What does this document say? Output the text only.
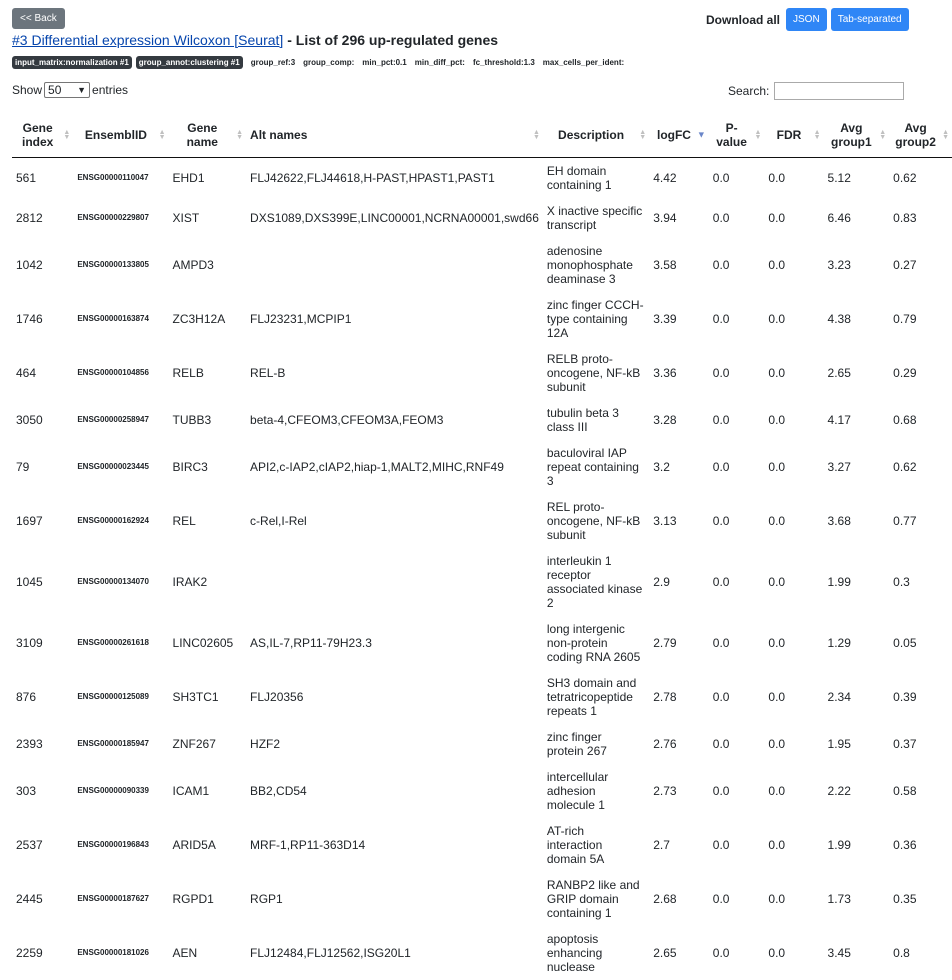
<< Back	Download all	JSON	Tab-separated
#3 Differential expression Wilcoxon [Seurat] - List of 296 up-regulated genes
input_matrix:normalization #1	group_annot:clustering #1	group_ref:3 group_comp: min_pct:0.1 min_diff_pct: fc_threshold:1.3 max_cells_per_ident:
Show 50 ▼ entries	Search:
Gene
index
▲
▼	EnsemblID ▲
▼	Gene
name
▲
▼	Alt names ▲
▼	Description ▲
▼	logFC ▼	P-
value
▲
▼	FDR ▲
▼	Avg
group1
▲
▼	Avg
group2
▲
▼

561	ENSG00000110047	EHD1	FLJ42622,FLJ44618,H-PAST,HPAST1,PAST1	EH domain
containing 1	4.42	0.0	0.0	5.12	0.62
2812	ENSG00000229807	XIST	DXS1089,DXS399E,LINC00001,NCRNA00001,swd66	X inactive specific
transcript	3.94	0.0	0.0	6.46	0.83
1042	ENSG00000133805	AMPD3		adenosine
monophosphate
deaminase 3	3.58	0.0	0.0	3.23	0.27
1746	ENSG00000163874	ZC3H12A	FLJ23231,MCPIP1	zinc finger CCCH-
type containing
12A	3.39	0.0	0.0	4.38	0.79
464	ENSG00000104856	RELB	REL-B	RELB proto-
oncogene, NF-kB
subunit	3.36	0.0	0.0	2.65	0.29
3050	ENSG00000258947	TUBB3	beta-4,CFEOM3,CFEOM3A,FEOM3	tubulin beta 3
class III	3.28	0.0	0.0	4.17	0.68
79	ENSG00000023445	BIRC3	API2,c-IAP2,cIAP2,hiap-1,MALT2,MIHC,RNF49	baculoviral IAP
repeat containing
3	3.2	0.0	0.0	3.27	0.62
1697	ENSG00000162924	REL	c-Rel,I-Rel	REL proto-
oncogene, NF-kB
subunit	3.13	0.0	0.0	3.68	0.77
1045	ENSG00000134070	IRAK2		interleukin 1
receptor
associated kinase
2	2.9	0.0	0.0	1.99	0.3
3109	ENSG00000261618	LINC02605	AS,IL-7,RP11-79H23.3	long intergenic
non-protein
coding RNA 2605	2.79	0.0	0.0	1.29	0.05
876	ENSG00000125089	SH3TC1	FLJ20356	SH3 domain and
tetratricopeptide
repeats 1	2.78	0.0	0.0	2.34	0.39
2393	ENSG00000185947	ZNF267	HZF2	zinc finger
protein 267	2.76	0.0	0.0	1.95	0.37
303	ENSG00000090339	ICAM1	BB2,CD54	intercellular
adhesion
molecule 1	2.73	0.0	0.0	2.22	0.58
2537	ENSG00000196843	ARID5A	MRF-1,RP11-363D14	AT-rich
interaction
domain 5A	2.7	0.0	0.0	1.99	0.36
2445	ENSG00000187627	RGPD1	RGP1	RANBP2 like and
GRIP domain
containing 1	2.68	0.0	0.0	1.73	0.35
2259	ENSG00000181026	AEN	FLJ12484,FLJ12562,ISG20L1	apoptosis
enhancing
nuclease	2.65	0.0	0.0	3.45	0.8
